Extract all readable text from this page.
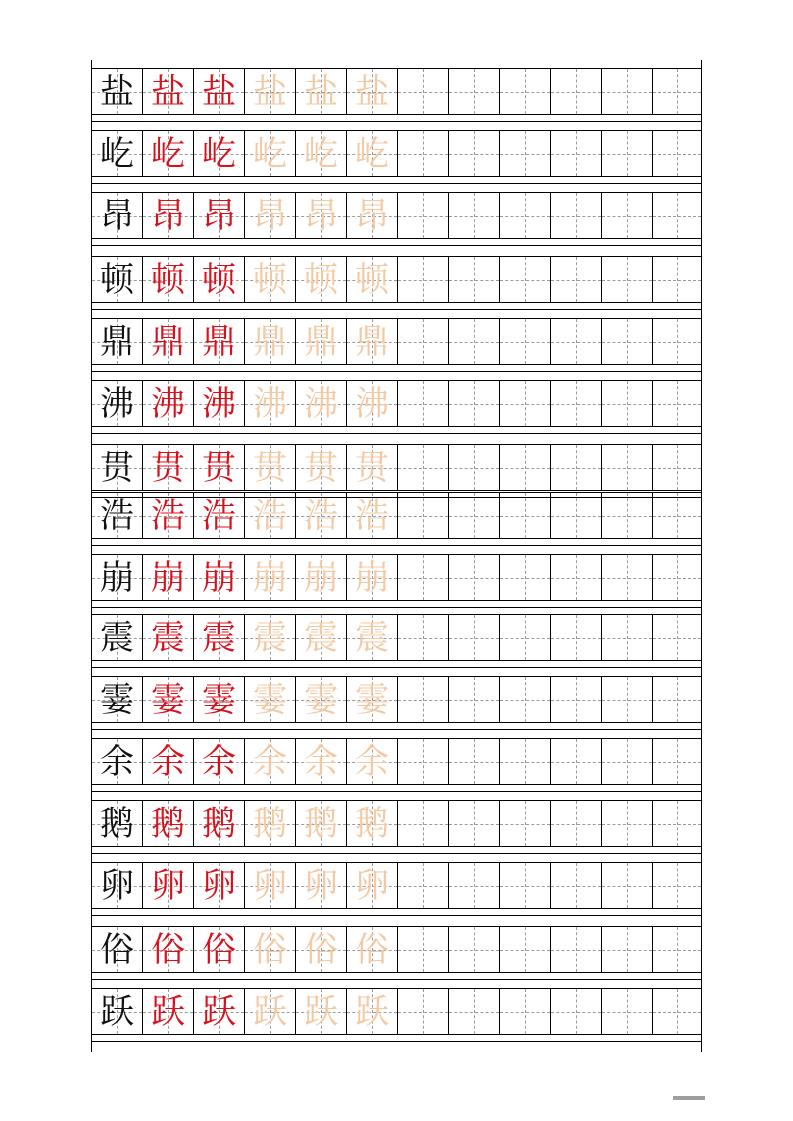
盐 盐 盐 盐 盐 盐
屹 屹 屹 屹 屹 屹
昂 昂 昂 昂 昂 昂
顿 顿 顿 顿 顿 顿
鼎 鼎 鼎 鼎 鼎 鼎
沸 沸 沸 沸 沸 沸
贯 贯 贯 贯 贯 贯
浩 浩 浩 浩 浩 浩
崩 崩 崩 崩 崩 崩
震 震 震 震 震 震
霎 霎 霎 霎 霎 霎
余 余 余 余 余 余
鹅 鹅 鹅 鹅 鹅 鹅
卵 卵 卵 卵 卵 卵
俗 俗 俗 俗 俗 俗
跃 跃 跃 跃 跃 跃
